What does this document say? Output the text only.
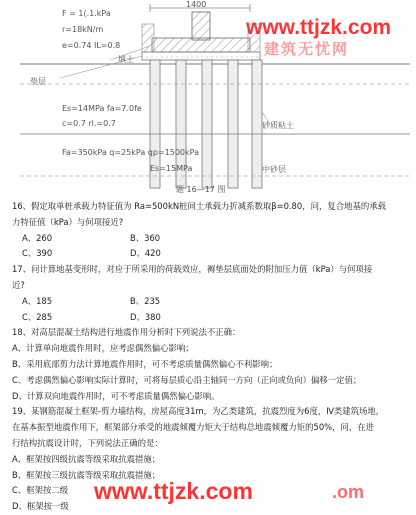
F = 1(.1.kPa
r=18kN/m
e=0.74 IL=0.8
填土
垫层
1400
Es=14MPa fa=7.0fe
c=0.7 rl.=0.7	砂质粘土
Fa=350kPa q=25kPa qp=1500kPa
Es=15MPa	中砂层
题 16—17 图
www.ttjzk.com
建筑无忧网
16、假定取单桩承载力特征值为 Ra=500kN桩间土承载力折减系数取β=0.80，问，复合地基的承载
力特征值（kPa）与何项接近?
A、260	B、360
C、390	D、420
17、问计算地基变形时，对应于所采用的荷载效应，褥垫层底面处的附加压力值（kPa）与何项接
近?
A、185	B、235
C、285	D、380
18、对高层混凝土结构进行地震作用分析时下列说法不正确：
A、计算单向地震作用时，应考虑偶然偏心影响；
B、采用底部剪力法计算地震作用时，可不考虑质量偶然偏心不利影响；
C、考虑偶然偏心影响实际计算时，可将每层质心沿主轴同一方向（正向或负向）偏移一定值；
D、计算双向地震作用时，可不考虑质量偶然偏心影响。
19、某钢筋混凝土框架-剪力墙结构，房屋高度31m，为乙类建筑，抗震烈度为6度，Ⅳ类建筑场地，
在基本振型地震作用下，框架部分承受的地震倾覆力矩大于结构总地震倾覆力矩的50%，问，在进
行结构抗震设计时，下列说法正确的是：
A、框架按四级抗震等级采取抗震措施；
B、框架按三级抗震等级采取抗震措施；
C、框架按二级
D、框架按一级
www.ttjzk.com	.om
